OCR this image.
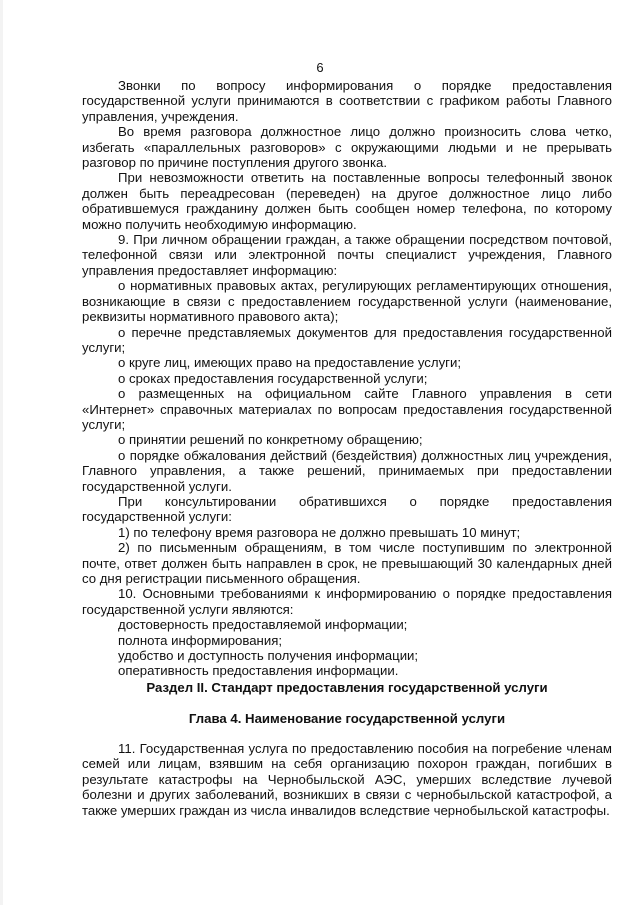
6

Звонки по вопросу информирования о порядке предоставления государственной услуги принимаются в соответствии с графиком работы Главного управления, учреждения.

Во время разговора должностное лицо должно произносить слова четко, избегать «параллельных разговоров» с окружающими людьми и не прерывать разговор по причине поступления другого звонка.

При невозможности ответить на поставленные вопросы телефонный звонок должен быть переадресован (переведен) на другое должностное лицо либо обратившемуся гражданину должен быть сообщен номер телефона, по которому можно получить необходимую информацию.

9. При личном обращении граждан, а также обращении посредством почтовой, телефонной связи или электронной почты специалист учреждения, Главного управления предоставляет информацию:

о нормативных правовых актах, регулирующих регламентирующих отношения, возникающие в связи с предоставлением государственной услуги (наименование, реквизиты нормативного правового акта);

о перечне представляемых документов для предоставления государственной услуги;

о круге лиц, имеющих право на предоставление услуги;

о сроках предоставления государственной услуги;

о размещенных на официальном сайте Главного управления в сети «Интернет» справочных материалах по вопросам предоставления государственной услуги;

о принятии решений по конкретному обращению;

о порядке обжалования действий (бездействия) должностных лиц учреждения, Главного управления, а также решений, принимаемых при предоставлении государственной услуги.

При консультировании обратившихся о порядке предоставления государственной услуги:

1) по телефону время разговора не должно превышать 10 минут;

2) по письменным обращениям, в том числе поступившим по электронной почте, ответ должен быть направлен в срок, не превышающий 30 календарных дней со дня регистрации письменного обращения.

10. Основными требованиями к информированию о порядке предоставления государственной услуги являются:

достоверность предоставляемой информации;

полнота информирования;

удобство и доступность получения информации;

оперативность предоставления информации.

Раздел II. Стандарт предоставления государственной услуги
Глава 4. Наименование государственной услуги

11. Государственная услуга по предоставлению пособия на погребение членам семей или лицам, взявшим на себя организацию похорон граждан, погибших в результате катастрофы на Чернобыльской АЭС, умерших вследствие лучевой болезни и других заболеваний, возникших в связи с чернобыльской катастрофой, а также умерших граждан из числа инвалидов вследствие чернобыльской катастрофы.
